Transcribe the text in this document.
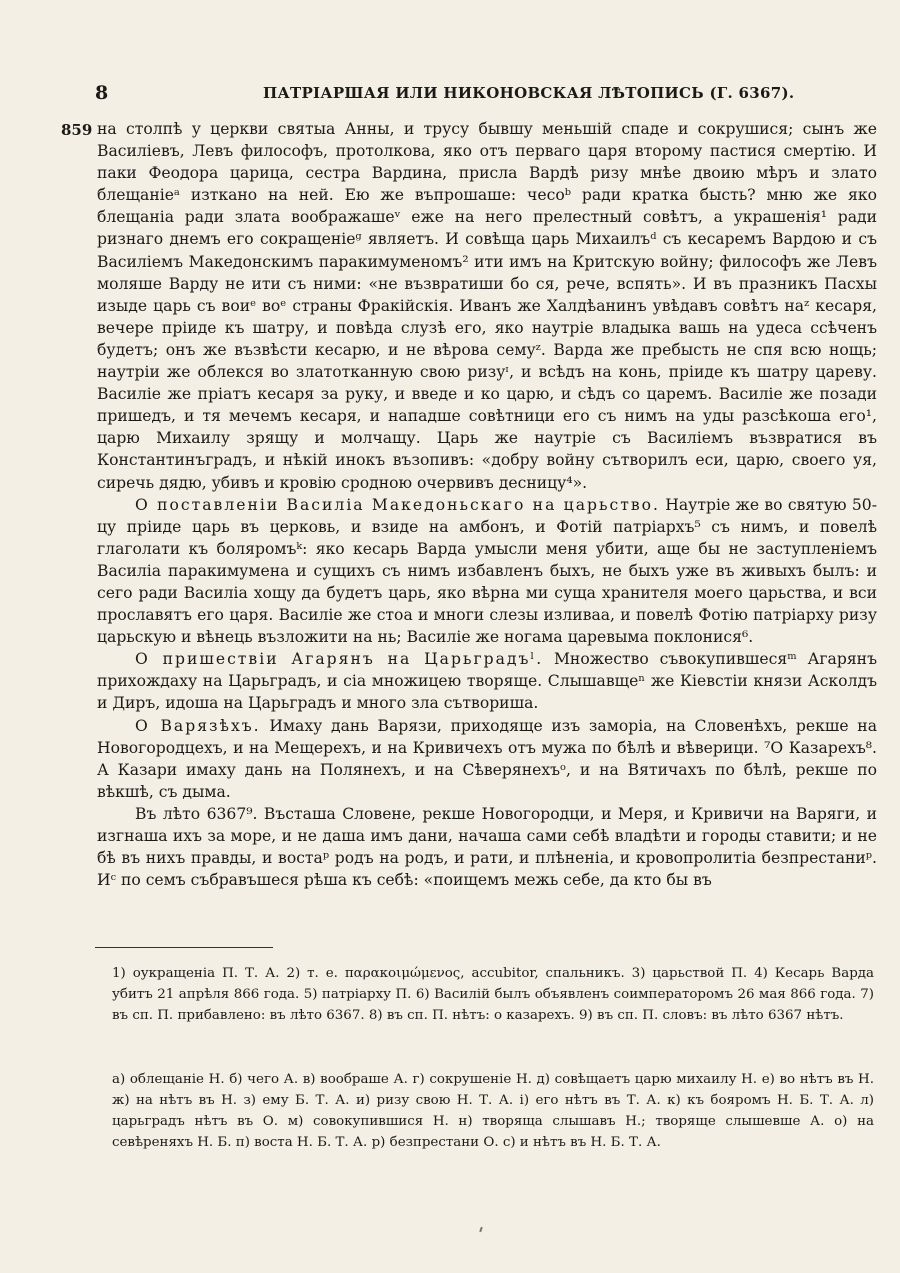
8	ПАТРІАРШАЯ ИЛИ НИКОНОВСКАЯ ЛѢТОПИСЬ (Г. 6367).
859 на столпѣ у церкви святыа Анны, и трусу бывшу меньшій спаде и сокрушися; сынъ же Василіевъ, Левъ философъ, протолкова, яко отъ перваго царя второму пастися смертію. И паки Феодора царица, сестра Вардина, присла Вардѣ ризу мнѣе двоию мѣръ и злато блещаніеᵃ изткано на ней. Ею же въпрошаше: чесоᵇ ради кратка бысть? мню же яко блещаніа ради злата воображашеᵛ еже на него прелестный совѣтъ, а украшенія¹ ради ризнаго днемъ его сокращеніеᵍ являетъ. И совѣща царь Михаилъᵈ съ кесаремъ Вардою и съ Василіемъ Македонскимъ паракимуменомъ² ити имъ на Критскую войну; философъ же Левъ моляше Варду не ити съ ними: «не възвратиши бо ся, рече, вспять». И въ празникъ Пасхы изыде царь съ воиᵉ воᵉ страны Фракійскія. Иванъ же Халдѣанинъ увѣдавъ совѣтъ наᶻ кесаря, вечере пріиде къ шатру, и повѣда слузѣ его, яко наутріе владыка вашь на удеса ссѣченъ будетъ; онъ же възвѣсти кесарю, и не вѣрова семуᶻ. Варда же пребысть не спя всю нощь; наутріи же облекся во златотканную свою ризуᶦ, и всѣдъ на конь, пріиде къ шатру цареву. Василіе же пріатъ кесаря за руку, и введе и ко царю, и сѣдъ со царемъ. Василіе же позади пришедъ, и тя мечемъ кесаря, и нападше совѣтници его съ нимъ на уды разсѣкоша его¹, царю Михаилу зрящу и молчащу. Царь же наутріе съ Василіемъ възвратися въ Константинъградъ, и нѣкій инокъ възопивъ: «добру войну сътворилъ еси, царю, своего уя, сиречь дядю, убивъ и кровію сродною очервивъ десницу⁴».

О поставленіи Василіа Македоньскаго на царьство. Наутріе же во святую 50-цу пріиде царь въ церковь, и взиде на амбонъ, и Фотій патріархъ⁵ съ нимъ, и повелѣ глаголати къ боляромъᵏ: яко кесарь Варда умысли меня убити, аще бы не заступленіемъ Василіа паракимумена и сущихъ съ нимъ избавленъ быхъ, не быхъ уже въ живыхъ былъ: и сего ради Василіа хощу да будетъ царь, яко вѣрна ми суща хранителя моего царьства, и вси прославятъ его царя. Василіе же стоа и многи слезы изливаа, и повелѣ Фотію патріарху ризу царьскую и вѣнець възложити на нь; Василіе же ногама царевыма поклонися⁶.

О пришествіи Агарянъ на Царьградъˡ. Множество съвокупившесяᵐ Агарянъ прихождаху на Царьградъ, и сіа множицею творяще. Слышавщеⁿ же Кіевстіи князи Асколдъ и Диръ, идоша на Царьградъ и много зла сътвориша.

О Варязѣхъ. Имаху дань Варязи, приходяще изъ заморіа, на Словенѣхъ, рекше на Новогородцехъ, и на Мещерехъ, и на Кривичехъ отъ мужа по бѣлѣ и вѣверици. ⁷О Казарехъ⁸. А Казари имаху дань на Полянехъ, и на Сѣверянехъᵒ, и на Вятичахъ по бѣлѣ, рекше по вѣкшѣ, съ дыма.

Въ лѣто 6367⁹. Въсташа Словене, рекше Новогородци, и Меря, и Кривичи на Варяги, и изгнаша ихъ за море, и не даша имъ дани, начаша сами себѣ владѣти и городы ставити; и не бѣ въ нихъ правды, и востаᵖ родъ на родъ, и рати, и плѣненіа, и кровопролитіа безпрестаниᵖ. Иᶜ по семъ събравъшеся рѣша къ себѣ: «поищемъ межь себе, да кто бы въ

1) оукращеніа П. Т. А. 2) т. е. παρακοιμώμενος, accubitor, спальникъ. 3) царьствой П. 4) Кесарь Варда убитъ 21 апрѣля 866 года. 5) патріарху П. 6) Василій былъ объявленъ соимператоромъ 26 мая 866 года. 7) въ сп. П. прибавлено: въ лѣто 6367. 8) въ сп. П. нѣтъ: о казарехъ. 9) въ сп. П. словъ: въ лѣто 6367 нѣтъ.

а) облещаніе Н. б) чего А. в) вообраше А. г) сокрушеніе Н. д) совѣщаетъ царю михаилу Н. е) во нѣтъ въ Н. ж) на нѣтъ въ Н. з) ему Б. Т. А. и) ризу свою Н. Т. А. і) его нѣтъ въ Т. А. к) къ бояромъ Н. Б. Т. А. л) царьградъ нѣтъ въ О. м) совокупившися Н. н) творяща слышавъ Н.; творяще слышевше А. о) на севѣреняхъ Н. Б. п) воста Н. Б. Т. А. р) безпрестани О. с) и нѣтъ въ Н. Б. Т. А.
